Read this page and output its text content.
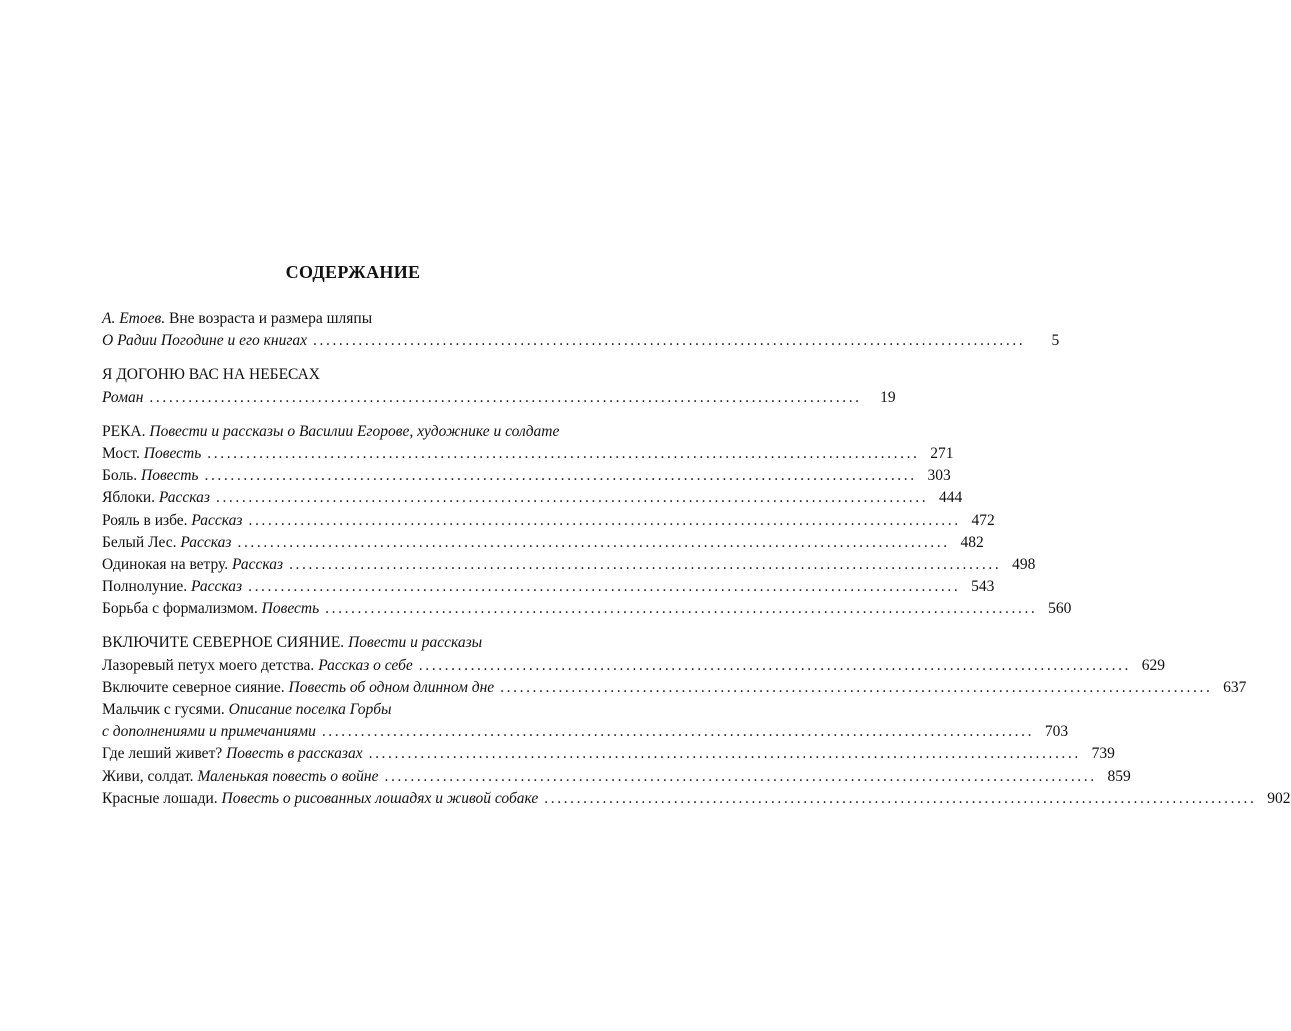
СОДЕРЖАНИЕ
А. Етоев. Вне возраста и размера шляпы
О Радии Погодине и его книгах ..............................................................................................................	5
Я ДОГОНЮ ВАС НА НЕБЕСАХ
Роман ..............................................................................................................	19
РЕКА. Повести и рассказы о Василии Егорове, художнике и солдате
Мост. Повесть .............................................................................................................. 271
Боль. Повесть .............................................................................................................. 303
Яблоки. Рассказ .............................................................................................................. 444
Рояль в избе. Рассказ .............................................................................................................. 472
Белый Лес. Рассказ .............................................................................................................. 482
Одинокая на ветру. Рассказ .............................................................................................................. 498
Полнолуние. Рассказ .............................................................................................................. 543
Борьба с формализмом. Повесть .............................................................................................................. 560
ВКЛЮЧИТЕ СЕВЕРНОЕ СИЯНИЕ. Повести и рассказы
Лазоревый петух моего детства. Рассказ о себе .............................................................................................................. 629
Включите северное сияние. Повесть об одном длинном дне .............................................................................................................. 637
Мальчик с гусями. Описание поселка Горбы
с дополнениями и примечаниями .............................................................................................................. 703
Где леший живет? Повесть в рассказах .............................................................................................................. 739
Живи, солдат. Маленькая повесть о войне .............................................................................................................. 859
Красные лошади. Повесть о рисованных лошадях и живой собаке .............................................................................................................. 902
